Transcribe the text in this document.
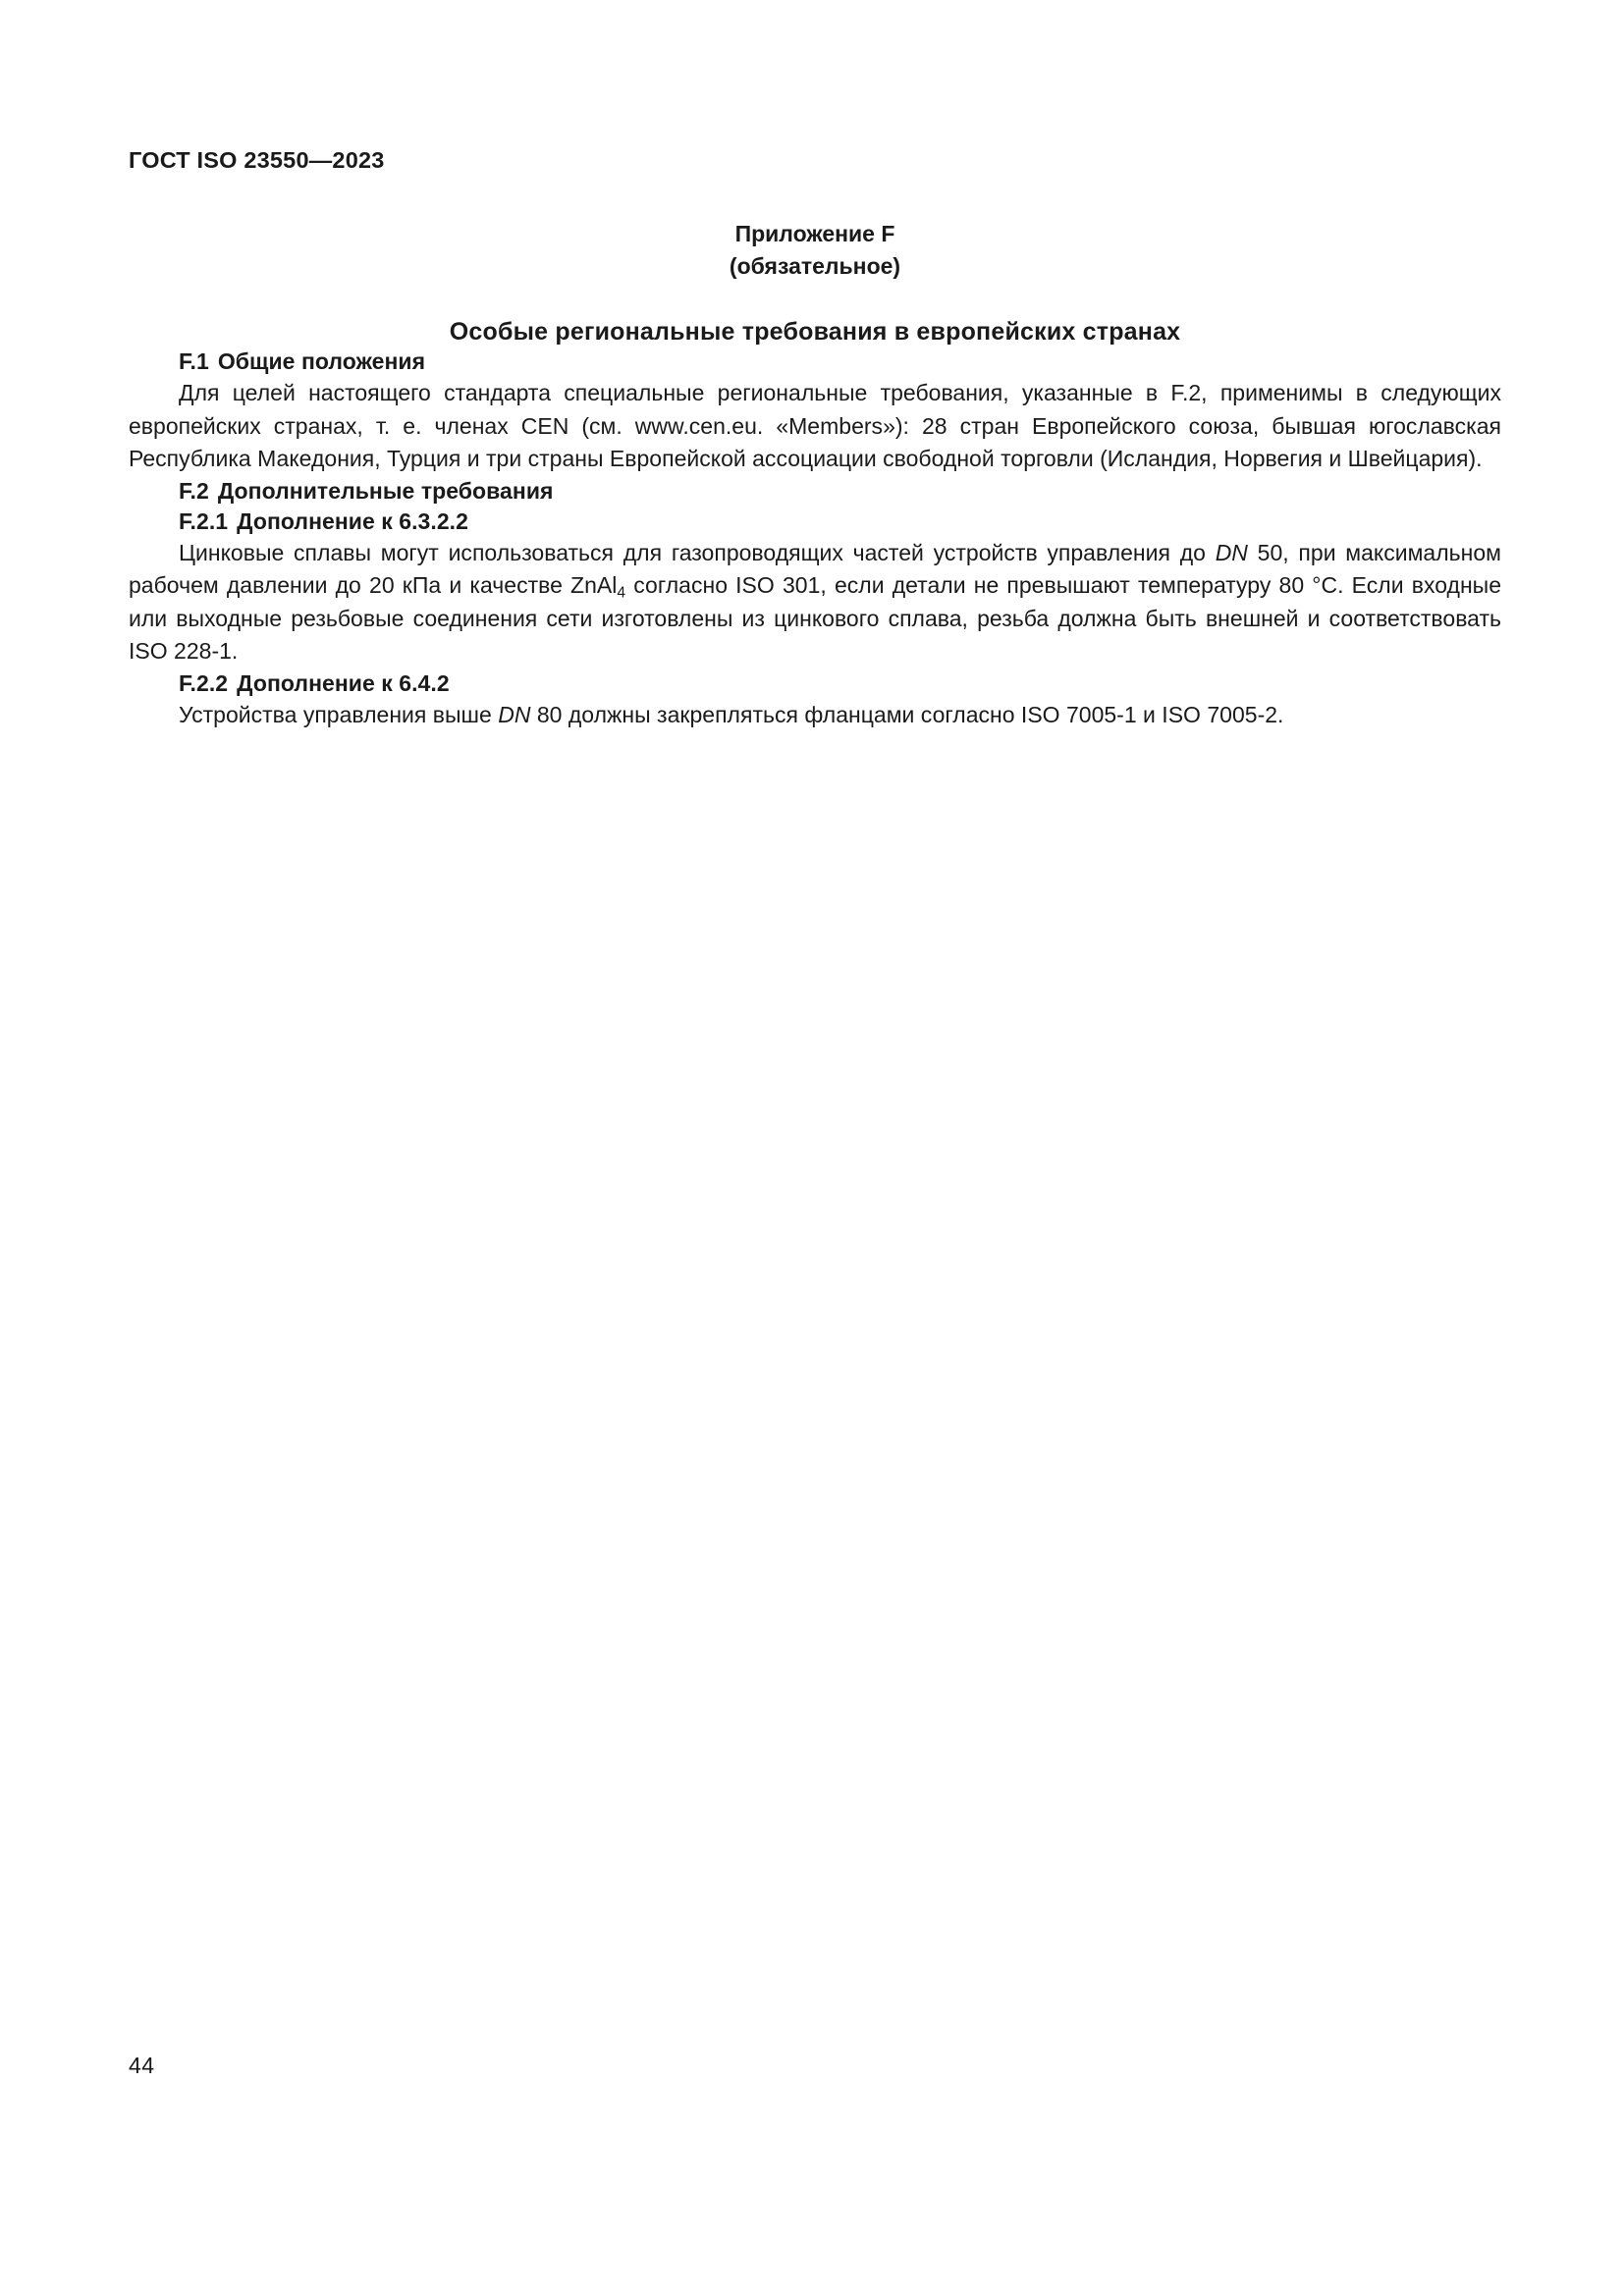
ГОСТ ISO 23550—2023
Приложение F
(обязательное)
Особые региональные требования в европейских странах
F.1 Общие положения

Для целей настоящего стандарта специальные региональные требования, указанные в F.2, применимы в следующих европейских странах, т. е. членах CEN (см. www.cen.eu. «Members»): 28 стран Европейского союза, бывшая югославская Республика Македония, Турция и три страны Европейской ассоциации свободной торговли (Исландия, Норвегия и Швейцария).

F.2 Дополнительные требования
F.2.1 Дополнение к 6.3.2.2

Цинковые сплавы могут использоваться для газопроводящих частей устройств управления до DN 50, при максимальном рабочем давлении до 20 кПа и качестве ZnAl$_4$ согласно ISO 301, если детали не превышают температуру 80 °C. Если входные или выходные резьбовые соединения сети изготовлены из цинкового сплава, резьба должна быть внешней и соответствовать ISO 228-1.

F.2.2 Дополнение к 6.4.2

Устройства управления выше DN 80 должны закрепляться фланцами согласно ISO 7005-1 и ISO 7005-2.

44
